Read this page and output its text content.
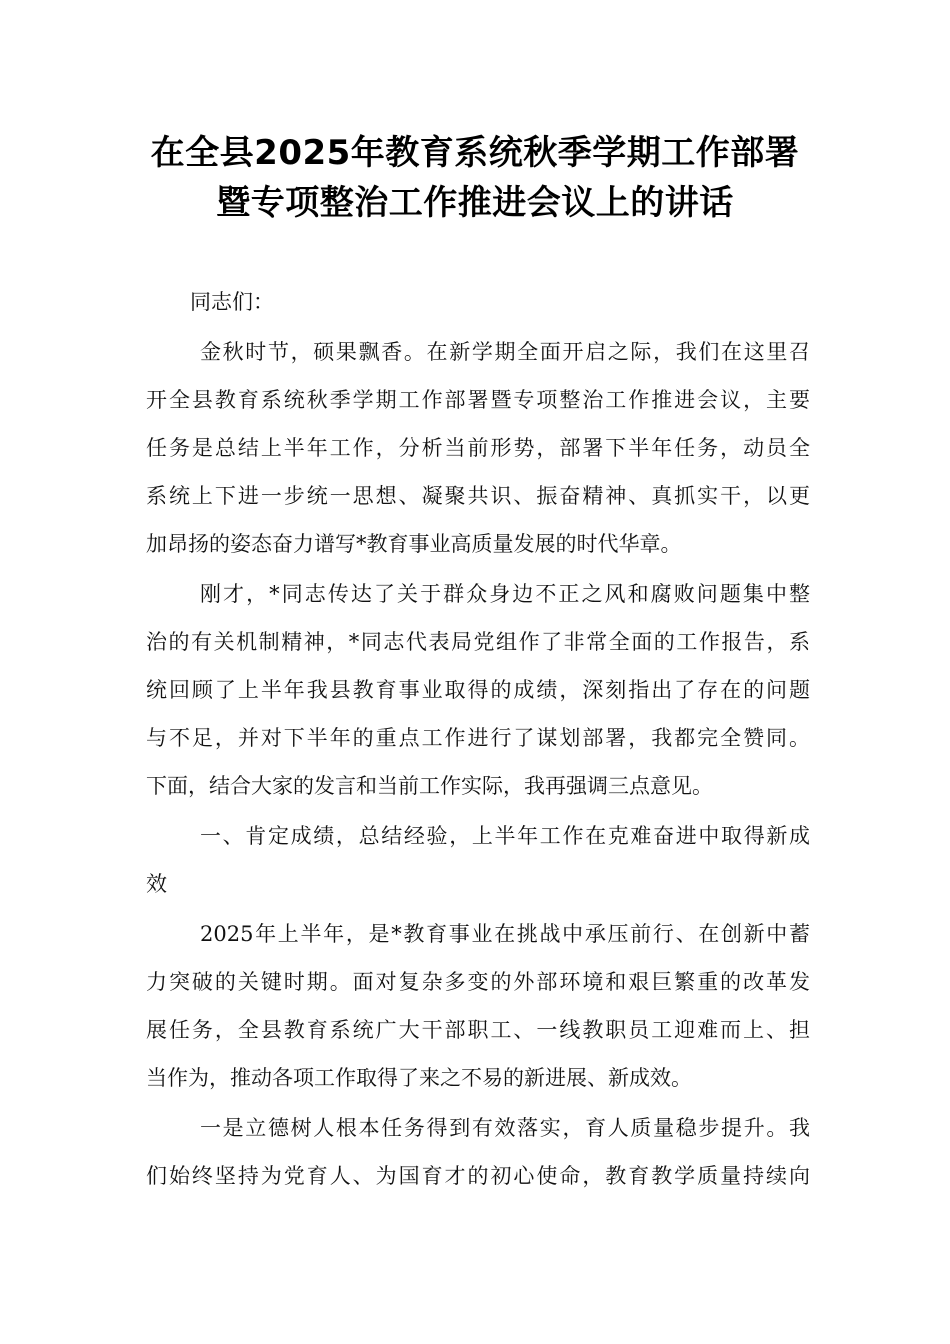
在全县2025年教育系统秋季学期工作部署
暨专项整治工作推进会议上的讲话
同志们：
金秋时节，硕果飘香。在新学期全面开启之际，我们在这里召
开全县教育系统秋季学期工作部署暨专项整治工作推进会议，主要
任务是总结上半年工作，分析当前形势，部署下半年任务，动员全
系统上下进一步统一思想、凝聚共识、振奋精神、真抓实干，以更
加昂扬的姿态奋力谱写*教育事业高质量发展的时代华章。
刚才，*同志传达了关于群众身边不正之风和腐败问题集中整
治的有关机制精神，*同志代表局党组作了非常全面的工作报告，系
统回顾了上半年我县教育事业取得的成绩，深刻指出了存在的问题
与不足，并对下半年的重点工作进行了谋划部署，我都完全赞同。
下面，结合大家的发言和当前工作实际，我再强调三点意见。
一、肯定成绩，总结经验，上半年工作在克难奋进中取得新成
效
2025年上半年，是*教育事业在挑战中承压前行、在创新中蓄
力突破的关键时期。面对复杂多变的外部环境和艰巨繁重的改革发
展任务，全县教育系统广大干部职工、一线教职员工迎难而上、担
当作为，推动各项工作取得了来之不易的新进展、新成效。
一是立德树人根本任务得到有效落实，育人质量稳步提升。我
们始终坚持为党育人、为国育才的初心使命，教育教学质量持续向
